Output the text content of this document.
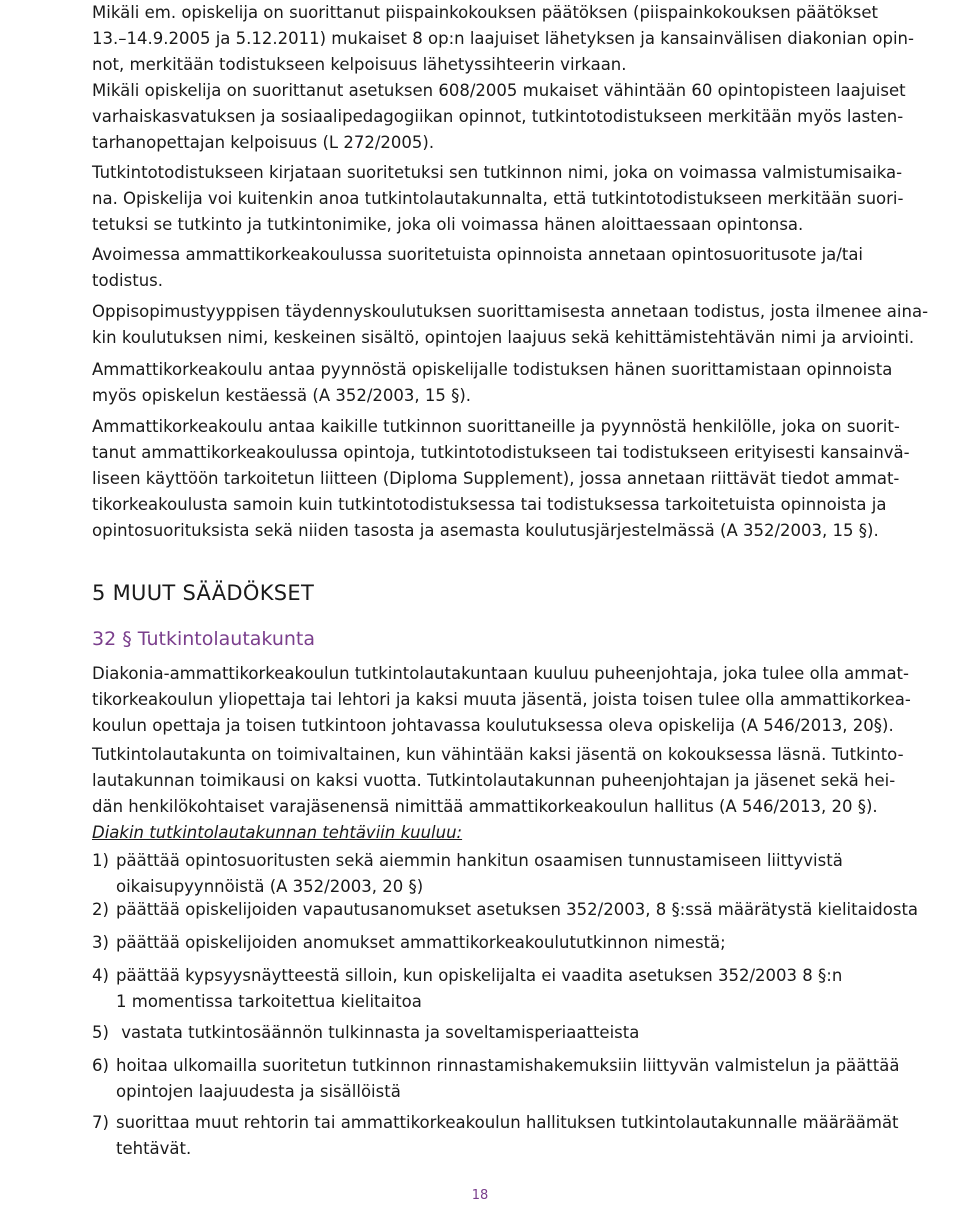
Mikäli em. opiskelija on suorittanut piispainkokouksen päätöksen (piispainkokouksen päätökset
13.–14.9.2005 ja 5.12.2011) mukaiset 8 op:n laajuiset lähetyksen ja kansainvälisen diakonian opin-
not, merkitään todistukseen kelpoisuus lähetyssihteerin virkaan.
Mikäli opiskelija on suorittanut asetuksen 608/2005 mukaiset vähintään 60 opintopisteen laajuiset
varhaiskasvatuksen ja sosiaalipedagogiikan opinnot, tutkintotodistukseen merkitään myös lasten-
tarhanopettajan kelpoisuus (L 272/2005).
Tutkintotodistukseen kirjataan suoritetuksi sen tutkinnon nimi, joka on voimassa valmistumisaika-
na. Opiskelija voi kuitenkin anoa tutkintolautakunnalta, että tutkintotodistukseen merkitään suori-
tetuksi se tutkinto ja tutkintonimike, joka oli voimassa hänen aloittaessaan opintonsa.
Avoimessa ammattikorkeakoulussa suoritetuista opinnoista annetaan opintosuoritusote ja/tai
todistus.
Oppisopimustyyppisen täydennyskoulutuksen suorittamisesta annetaan todistus, josta ilmenee aina-
kin koulutuksen nimi, keskeinen sisältö, opintojen laajuus sekä kehittämistehtävän nimi ja arviointi.
Ammattikorkeakoulu antaa pyynnöstä opiskelijalle todistuksen hänen suorittamistaan opinnoista
myös opiskelun kestäessä (A 352/2003, 15 §).
Ammattikorkeakoulu antaa kaikille tutkinnon suorittaneille ja pyynnöstä henkilölle, joka on suorit-
tanut ammattikorkeakoulussa opintoja, tutkintotodistukseen tai todistukseen erityisesti kansainvä-
liseen käyttöön tarkoitetun liitteen (Diploma Supplement), jossa annetaan riittävät tiedot ammat-
tikorkeakoulusta samoin kuin tutkintotodistuksessa tai todistuksessa tarkoitetuista opinnoista ja
opintosuorituksista sekä niiden tasosta ja asemasta koulutusjärjestelmässä (A 352/2003, 15 §).
5 MUUT SÄÄDÖKSET
32 § Tutkintolautakunta
Diakonia-ammattikorkeakoulun tutkintolautakuntaan kuuluu puheenjohtaja, joka tulee olla ammat-
tikorkeakoulun yliopettaja tai lehtori ja kaksi muuta jäsentä, joista toisen tulee olla ammattikorkea-
koulun opettaja ja toisen tutkintoon johtavassa koulutuksessa oleva opiskelija (A 546/2013, 20§).
Tutkintolautakunta on toimivaltainen, kun vähintään kaksi jäsentä on kokouksessa läsnä. Tutkinto-
lautakunnan toimikausi on kaksi vuotta. Tutkintolautakunnan puheenjohtajan ja jäsenet sekä hei-
dän henkilökohtaiset varajäsenensä nimittää ammattikorkeakoulun hallitus (A 546/2013, 20 §).

Diakin tutkintolautakunnan tehtäviin kuuluu:

1) päättää opintosuoritusten sekä aiemmin hankitun osaamisen tunnustamiseen liittyvistä
oikaisupyynnöistä (A 352/2003, 20 §)
2) päättää opiskelijoiden vapautusanomukset asetuksen 352/2003, 8 §:ssä määrätystä kielitaidosta
3) päättää opiskelijoiden anomukset ammattikorkeakoulututkinnon nimestä;
4) päättää kypsyysnäytteestä silloin, kun opiskelijalta ei vaadita asetuksen 352/2003 8 §:n
1 momentissa tarkoitettua kielitaitoa
5) vastata tutkintosäännön tulkinnasta ja soveltamisperiaatteista
6) hoitaa ulkomailla suoritetun tutkinnon rinnastamishakemuksiin liittyvän valmistelun ja päättää
opintojen laajuudesta ja sisällöistä
7) suorittaa muut rehtorin tai ammattikorkeakoulun hallituksen tutkintolautakunnalle määräämät
tehtävät.
18
